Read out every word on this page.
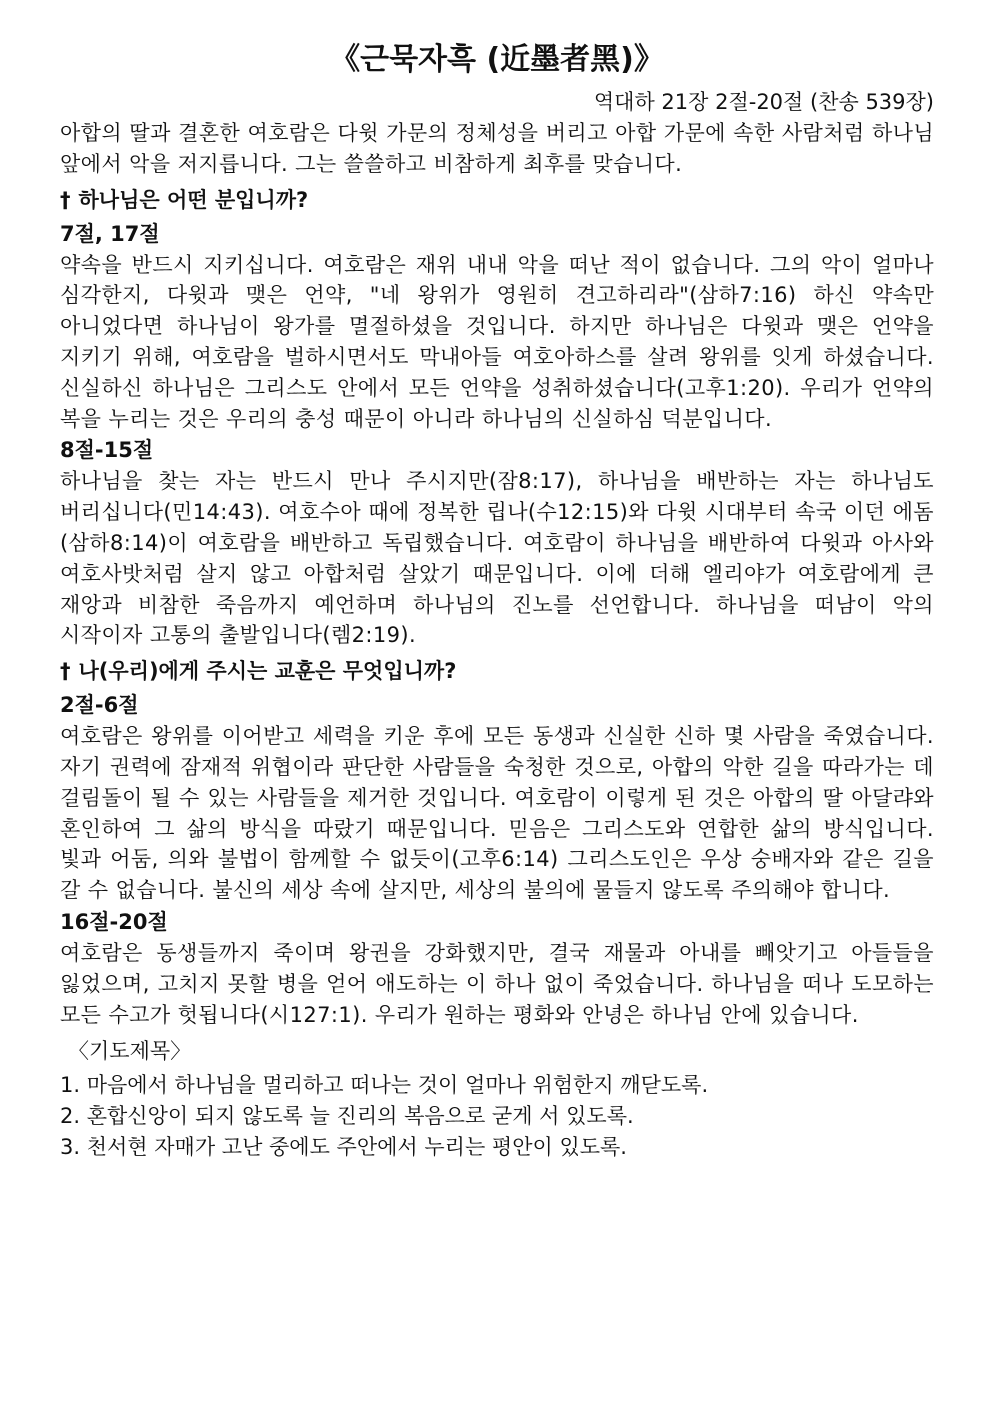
《근묵자흑 (近墨者黑)》

역대하 21장 2절-20절 (찬송 539장)

아합의 딸과 결혼한 여호람은 다윗 가문의 정체성을 버리고 아합 가문에 속한 사람처럼 하나님 앞에서 악을 저지릅니다. 그는 쓸쓸하고 비참하게 최후를 맞습니다.

† 하나님은 어떤 분입니까?
7절, 17절

약속을 반드시 지키십니다. 여호람은 재위 내내 악을 떠난 적이 없습니다. 그의 악이 얼마나 심각한지, 다윗과 맺은 언약, "네 왕위가 영원히 견고하리라"(삼하7:16) 하신 약속만 아니었다면 하나님이 왕가를 멸절하셨을 것입니다. 하지만 하나님은 다윗과 맺은 언약을 지키기 위해, 여호람을 벌하시면서도 막내아들 여호아하스를 살려 왕위를 잇게 하셨습니다. 신실하신 하나님은 그리스도 안에서 모든 언약을 성취하셨습니다(고후1:20). 우리가 언약의 복을 누리는 것은 우리의 충성 때문이 아니라 하나님의 신실하심 덕분입니다.

8절-15절

하나님을 찾는 자는 반드시 만나 주시지만(잠8:17), 하나님을 배반하는 자는 하나님도 버리십니다(민14:43). 여호수아 때에 정복한 립나(수12:15)와 다윗 시대부터 속국 이던 에돔(삼하8:14)이 여호람을 배반하고 독립했습니다. 여호람이 하나님을 배반하여 다윗과 아사와 여호사밧처럼 살지 않고 아합처럼 살았기 때문입니다. 이에 더해 엘리야가 여호람에게 큰 재앙과 비참한 죽음까지 예언하며 하나님의 진노를 선언합니다. 하나님을 떠남이 악의 시작이자 고통의 출발입니다(렘2:19).

† 나(우리)에게 주시는 교훈은 무엇입니까?
2절-6절

여호람은 왕위를 이어받고 세력을 키운 후에 모든 동생과 신실한 신하 몇 사람을 죽였습니다. 자기 권력에 잠재적 위협이라 판단한 사람들을 숙청한 것으로, 아합의 악한 길을 따라가는 데 걸림돌이 될 수 있는 사람들을 제거한 것입니다. 여호람이 이렇게 된 것은 아합의 딸 아달랴와 혼인하여 그 삶의 방식을 따랐기 때문입니다. 믿음은 그리스도와 연합한 삶의 방식입니다. 빛과 어둠, 의와 불법이 함께할 수 없듯이(고후6:14) 그리스도인은 우상 숭배자와 같은 길을 갈 수 없습니다. 불신의 세상 속에 살지만, 세상의 불의에 물들지 않도록 주의해야 합니다.

16절-20절

여호람은 동생들까지 죽이며 왕권을 강화했지만, 결국 재물과 아내를 빼앗기고 아들들을 잃었으며, 고치지 못할 병을 얻어 애도하는 이 하나 없이 죽었습니다. 하나님을 떠나 도모하는 모든 수고가 헛됩니다(시127:1). 우리가 원하는 평화와 안녕은 하나님 안에 있습니다.

〈기도제목〉
1. 마음에서 하나님을 멀리하고 떠나는 것이 얼마나 위험한지 깨닫도록.
2. 혼합신앙이 되지 않도록 늘 진리의 복음으로 굳게 서 있도록.
3. 천서현 자매가 고난 중에도 주안에서 누리는 평안이 있도록.
